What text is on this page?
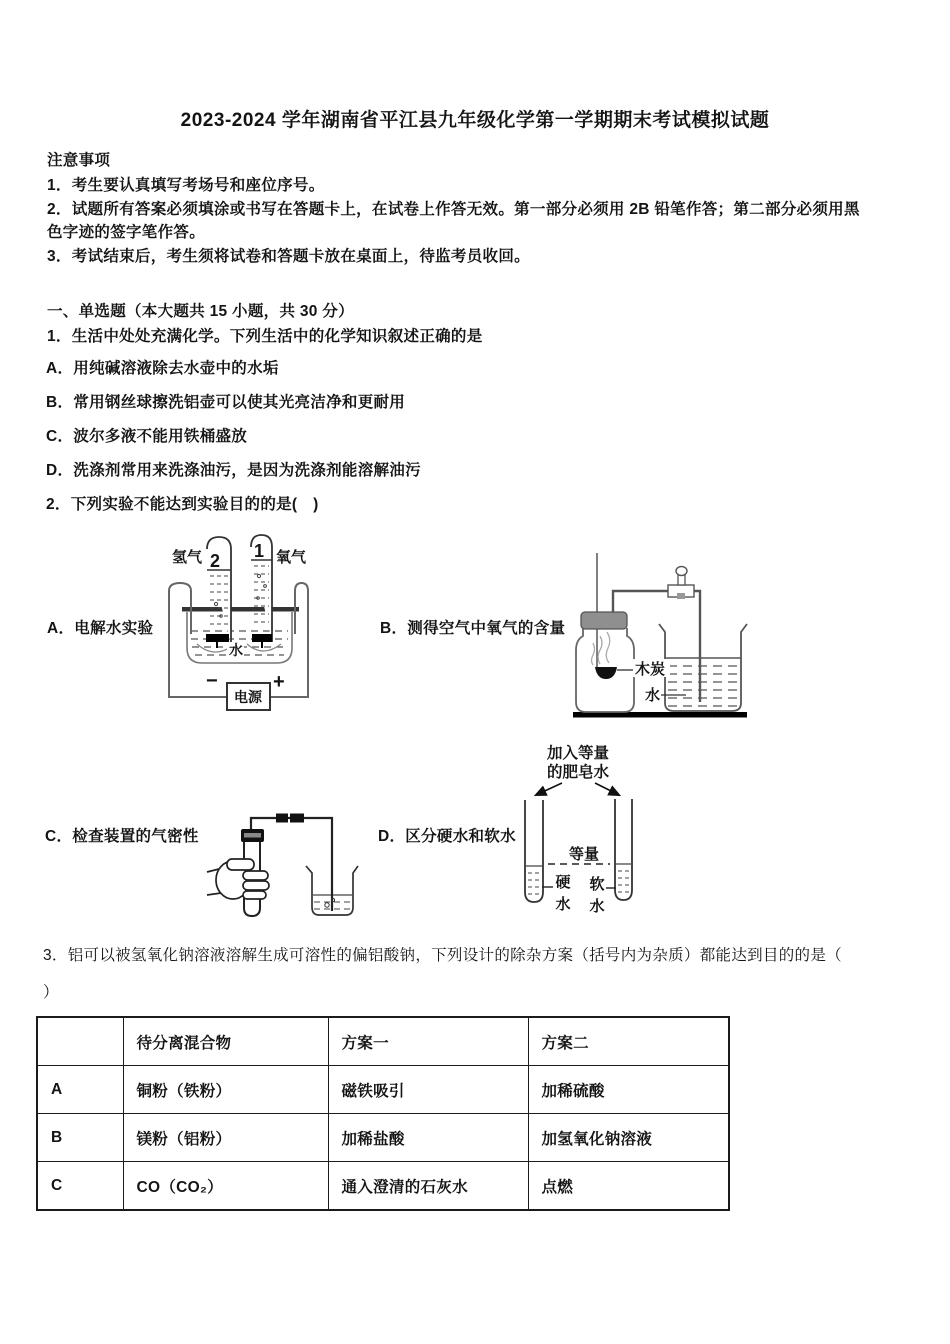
2023-2024 学年湖南省平江县九年级化学第一学期期末考试模拟试题
注意事项
1．考生要认真填写考场号和座位序号。
2．试题所有答案必须填涂或书写在答题卡上，在试卷上作答无效。第一部分必须用 2B 铅笔作答；第二部分必须用黑
色字迹的签字笔作答。
3．考试结束后，考生须将试卷和答题卡放在桌面上，待监考员收回。
一、单选题（本大题共 15 小题，共 30 分）
1．生活中处处充满化学。下列生活中的化学知识叙述正确的是
A．用纯碱溶液除去水壶中的水垢
B．常用钢丝球擦洗铝壶可以使其光亮洁净和更耐用
C．波尔多液不能用铁桶盛放
D．洗涤剂常用来洗涤油污，是因为洗涤剂能溶解油污
2．下列实验不能达到实验目的的是(　)
电源
氢气 2 1 氧气
水
−	+
A．电解水实验	B．测得空气中氧气的含量
木炭
水
C．检查装置的气密性	D．区分硬水和软水
加入等量
的肥皂水
等量
硬
水
软
水
3．铝可以被氢氧化钠溶液溶解生成可溶性的偏铝酸钠，下列设计的除杂方案（括号内为杂质）都能达到目的的是（
）
	待分离混合物	方案一	方案二
A	铜粉（铁粉）	磁铁吸引	加稀硫酸
B	镁粉（铝粉）	加稀盐酸	加氢氧化钠溶液
C	CO（CO₂）	通入澄清的石灰水	点燃
